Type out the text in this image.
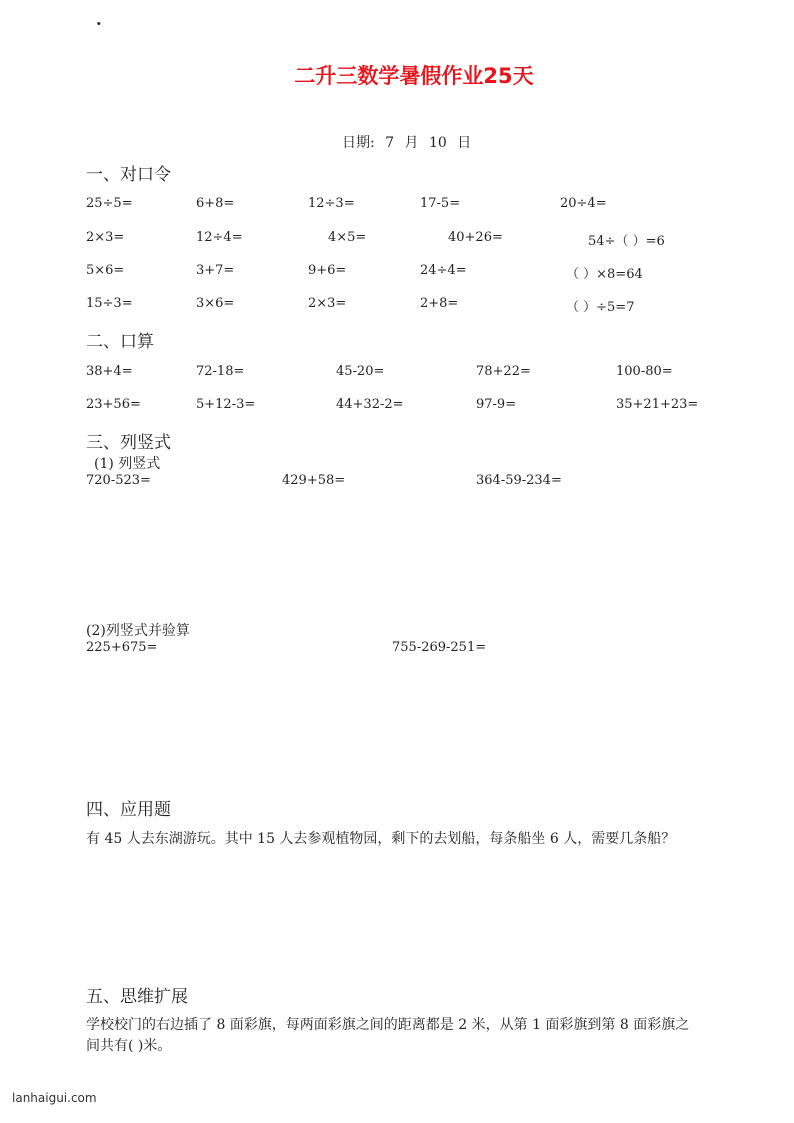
.
二升三数学暑假作业25天
日期: 7 月 10 日
一、对口令
25÷5=	6+8=	12÷3=	17-5=	20÷4=
2×3=	12÷4=	4×5=	40+26=	54÷（ ）=6
5×6=	3+7=	9+6=	24÷4=	（ ）×8=64
15÷3=	3×6=	2×3=	2+8=	（ ）÷5=7
二、口算
38+4=	72-18=	45-20=	78+22=	100-80=
23+56=	5+12-3=	44+32-2=	97-9=	35+21+23=
三、列竖式
(1) 列竖式
720-523=	429+58=	364-59-234=
(2)列竖式并验算
225+675=	755-269-251=
四、应用题
有 45 人去东湖游玩。其中 15 人去参观植物园，剩下的去划船，每条船坐 6 人，需要几条船？
五、思维扩展
学校校门的右边插了 8 面彩旗，每两面彩旗之间的距离都是 2 米，从第 1 面彩旗到第 8 面彩旗之
间共有( )米。
lanhaigui.com
